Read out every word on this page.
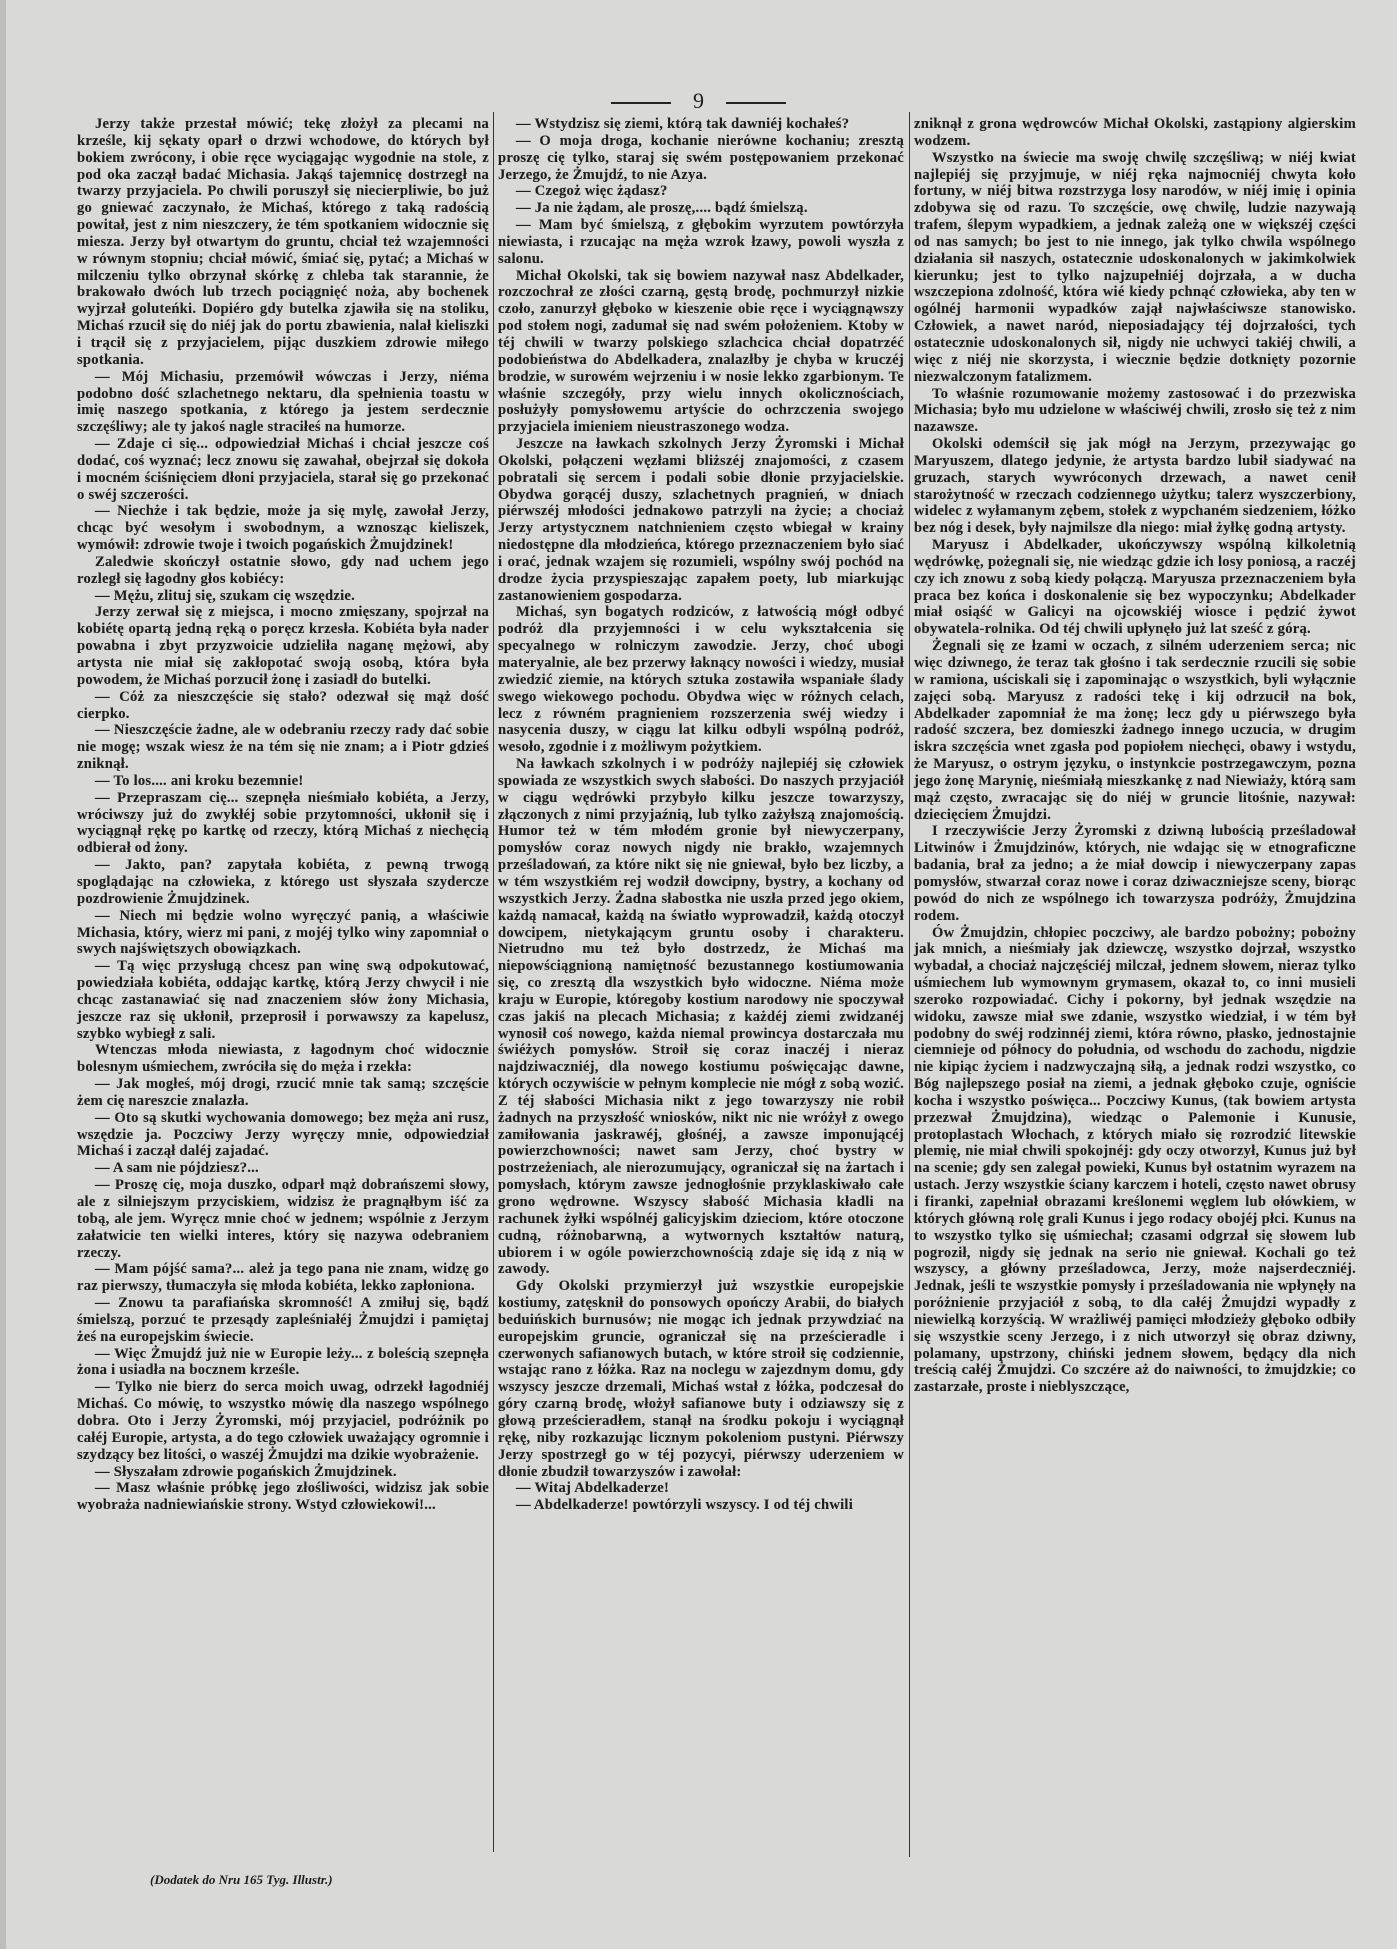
9

Jerzy także przestał mówić; tekę złożył za plecami na krześle, kij sękaty oparł o drzwi wchodowe, do których był bokiem zwrócony, i obie ręce wyciągając wygodnie na stole, z pod oka zaczął badać Michasia. Jakąś tajemnicę dostrzegł na twarzy przyjaciela. Po chwili poruszył się niecierpliwie, bo już go gniewać zaczynało, że Michaś, którego z taką radością powitał, jest z nim nieszczery, że tém spotkaniem widocznie się miesza. Jerzy był otwartym do gruntu, chciał też wzajemności w równym stopniu; chciał mówić, śmiać się, pytać; a Michaś w milczeniu tylko obrzynał skórkę z chleba tak starannie, że brakowało dwóch lub trzech pociągnięć noża, aby bochenek wyjrzał golutеńki. Dopiéro gdy butelka zjawiła się na stoliku, Michaś rzucił się do niéj jak do portu zbawienia, nalał kieliszki i trącił się z przyjacielem, pijąc duszkiem zdrowie miłego spotkania.

— Mój Michasiu, przemówił wówczas i Jerzy, niéma podobno dość szlachetnego nektaru, dla spełnienia toastu w imię naszego spotkania, z którego ja jestem serdecznie szczęśliwy; ale ty jakoś nagle straciłeś na humorze.

— Zdaje ci się... odpowiedział Michaś i chciał jeszcze coś dodać, coś wyznać; lecz znowu się zawahał, obejrzał się dokoła i mocném ściśnięciem dłoni przyjaciela, starał się go przekonać o swéj szczerości.

— Niechże i tak będzie, może ja się mylę, zawołał Jerzy, chcąc być wesołym i swobodnym, a wznosząc kieliszek, wymówił: zdrowie twoje i twoich pogańskich Żmujdzinek!

Zaledwie skończył ostatnie słowo, gdy nad uchem jego rozległ się łagodny głos kobiécy:

— Mężu, zlituj się, szukam cię wszędzie.

Jerzy zerwał się z miejsca, i mocno zmięszany, spojrzał na kobiétę opartą jedną ręką o poręcz krzesła. Kobiéta była nader powabna i zbyt przyzwoicie udzieliła naganę mężowi, aby artysta nie miał się zakłopotać swoją osobą, która była powodem, że Michaś porzucił żonę i zasiadł do butelki.

— Cóż za nieszczęście się stało? odezwał się mąż dość cierpko.

— Nieszczęście żadne, ale w odebraniu rzeczy rady dać sobie nie mogę; wszak wiesz że na tém się nie znam; a i Piotr gdzieś zniknął.

— To los.... ani kroku bezemnie!

— Przepraszam cię... szepnęła nieśmiało kobiéta, a Jerzy, wróciwszy już do zwykłéj sobie przytomności, ukłonił się i wyciągnął rękę po kartkę od rzeczy, którą Michaś z niechęcią odbierał od żony.

— Jakto, pan? zapytała kobiéta, z pewną trwogą spoglądając na człowieka, z którego ust słyszała szydercze pozdrowienie Żmujdzinek.

— Niech mi będzie wolno wyręczyć panią, a właściwie Michasia, który, wierz mi pani, z mojéj tylko winy zapomniał o swych najświętszych obowiązkach.

— Tą więc przysługą chcesz pan winę swą odpokutować, powiedziała kobiéta, oddając kartkę, którą Jerzy chwycił i nie chcąc zastanawiać się nad znaczeniem słów żony Michasia, jeszcze raz się ukłonił, przeprosił i porwawszy za kapelusz, szybko wybiegł z sali.

Wtenczas młoda niewiasta, z łagodnym choć widocznie bolesnym uśmiechem, zwróciła się do męża i rzekła:

— Jak mogłeś, mój drogi, rzucić mnie tak samą; szczęście żem cię nareszcie znalazła.

— Oto są skutki wychowania domowego; bez męża ani rusz, wszędzie ja. Poczciwy Jerzy wyręczy mnie, odpowiedział Michaś i zaczął daléj zajadać.

— A sam nie pójdziesz?...

— Proszę cię, moja duszko, odparł mąż dobrańszemi słowy, ale z silniejszym przyciskiem, widzisz że pragnąłbym iść za tobą, ale jem. Wyręcz mnie choć w jednem; wspólnie z Jerzym załatwicie ten wielki interes, który się nazywa odebraniem rzeczy.

— Mam pójść sama?... ależ ja tego pana nie znam, widzę go raz pierwszy, tłumaczyła się młoda kobiéta, lekko zapłoniona.

— Znowu ta parafiańska skromność! A zmiłuj się, bądź śmielszą, porzuć te przesądy zapleśniałéj Żmujdzi i pamiętaj żeś na europejskim świecie.

— Więc Żmujdź już nie w Europie leży... z boleścią szepnęła żona i usiadła na bocznem krześle.

— Tylko nie bierz do serca moich uwag, odrzekł łagodniéj Michaś. Co mówię, to wszystko mówię dla naszego wspólnego dobra. Oto i Jerzy Żyromski, mój przyjaciel, podróżnik po całéj Europie, artysta, a do tego człowiek uważający ogromnie i szydzący bez litości, o waszéj Żmujdzi ma dzikie wyobrażenie.

— Słyszałam zdrowie pogańskich Żmujdzinek.

— Masz właśnie próbkę jego złośliwości, widzisz jak sobie wyobraża nadniewiańskie strony. Wstyd człowiekowi!...

— Wstydzisz się ziemi, którą tak dawniéj kochałeś?

— O moja droga, kochanie nierówne kochaniu; zresztą proszę cię tylko, staraj się swém postępowaniem przekonać Jerzego, że Żmujdź, to nie Azya.

— Czegoż więc żądasz?

— Ja nie żądam, ale proszę,.... bądź śmielszą.

— Mam być śmielszą, z głębokim wyrzutem powtórzyła niewiasta, i rzucając na męża wzrok łzawy, powoli wyszła z salonu.

Michał Okolski, tak się bowiem nazywał nasz Abdelkader, rozczochrał ze złości czarną, gęstą brodę, pochmurzył nizkie czoło, zanurzył głęboko w kieszenie obie ręce i wyciągnąwszy pod stołem nogi, zadumał się nad swém położeniem. Ktoby w téj chwili w twarzy polskiego szlachcica chciał dopatrzéć podobieństwa do Abdelkadera, znalazłby je chyba w kruczéj brodzie, w surowém wejrzeniu i w nosie lekko zgarbionym. Te właśnie szczegóły, przy wielu innych okolicznościach, posłużyły pomysłowemu artyście do ochrzczenia swojego przyjaciela imieniem nieustraszonego wodza.

Jeszcze na ławkach szkolnych Jerzy Żyromski i Michał Okolski, połączeni węzłami bliższéj znajomości, z czasem pobratali się sercem i podali sobie dłonie przyjacielskie. Obydwa gorącéj duszy, szlachetnych pragnień, w dniach piérwszéj młodości jednakowo patrzyli na życie; a chociaż Jerzy artystycznem natchnieniem często wbiegał w krainy niedostępne dla młodzieńca, którego przeznaczeniem było siać i orać, jednak wzajem się rozumieli, wspólny swój pochód na drodze życia przyspieszając zapałem poety, lub miarkując zastanowieniem gospodarza.

Michaś, syn bogatych rodziców, z łatwością mógł odbyć podróż dla przyjemności i w celu wykształcenia się specyalnego w rolniczym zawodzie. Jerzy, choć ubogi materyalnie, ale bez przerwy łaknący nowości i wiedzy, musiał zwiedzić ziemie, na których sztuka zostawiła wspaniałe ślady swego wiekowego pochodu. Obydwa więc w różnych celach, lecz z równém pragnieniem rozszerzenia swéj wiedzy i nasycenia duszy, w ciągu lat kilku odbyli wspólną podróż, wesoło, zgodnie i z możliwym pożytkiem.

Na ławkach szkolnych i w podróży najlepiéj się człowiek spowiada ze wszystkich swych słabości. Do naszych przyjaciół w ciągu wędrówki przybyło kilku jeszcze towarzyszy, złączonych z nimi przyjaźnią, lub tylko zażyłszą znajomością. Humor też w tém młodém gronie był niewyczerpany, pomysłów coraz nowych nigdy nie brakło, wzajemnych prześladowań, za które nikt się nie gniewał, było bez liczby, a w tém wszystkiém rej wodził dowcipny, bystry, a kochany od wszystkich Jerzy. Żadna słabostka nie uszła przed jego okiem, każdą namacał, każdą na światło wyprowadził, każdą otoczył dowcipem, nietykającym gruntu osoby i charakteru. Nietrudno mu też było dostrzedz, że Michaś ma niepowściągnioną namiętność bezustannego kostiumowania się, co zresztą dla wszystkich było widoczne. Niéma może kraju w Europie, któregoby kostium narodowy nie spoczywał czas jakiś na plecach Michasia; z każdéj ziemi zwidzanéj wynosił coś nowego, każda niemal prowincya dostarczała mu świéżych pomysłów. Stroił się coraz inaczéj i nieraz najdziwaczniéj, dla nowego kostiumu poświęcając dawne, których oczywiście w pełnym komplecie nie mógł z sobą wozić. Z téj słabości Michasia nikt z jego towarzyszy nie robił żadnych na przyszłość wniosków, nikt nic nie wróżył z owego zamiłowania jaskrawéj, głośnéj, a zawsze imponującéj powierzchowności; nawet sam Jerzy, choć bystry w postrzeżeniach, ale nierozumujący, ograniczał się na żartach i pomysłach, którym zawsze jednogłośnie przyklaskiwało całe grono wędrowne. Wszyscy słabość Michasia kładli na rachunek żyłki wspólnéj galicyjskim dzieciom, które otoczone cudną, różnobarwną, a wytwornych kształtów naturą, ubiorem i w ogóle powierzchownością zdaje się idą z nią w zawody.

Gdy Okolski przymierzył już wszystkie europejskie kostiumy, zatęsknił do ponsowych opończy Arabii, do białych beduińskich burnusów; nie mogąc ich jednak przywdziać na europejskim gruncie, ograniczał się na prześcieradle i czerwonych safianowych butach, w które stroił się codziennie, wstając rano z łóżka. Raz na noclegu w zajezdnym domu, gdy wszyscy jeszcze drzemali, Michaś wstał z łóżka, podczesał do góry czarną brodę, włożył safianowe buty i odziawszy się z głową prześcieradłem, stanął na środku pokoju i wyciągnął rękę, niby rozkazując licznym pokoleniom pustyni. Piérwszy Jerzy spostrzegł go w téj pozycyi, piérwszy uderzeniem w dłonie zbudził towarzyszów i zawołał:

— Witaj Abdelkaderze!

— Abdelkaderze! powtórzyli wszyscy. I od téj chwili

zniknął z grona wędrowców Michał Okolski, zastąpiony algierskim wodzem.

Wszystko na świecie ma swoję chwilę szczęśliwą; w niéj kwiat najlepiéj się przyjmuje, w niéj ręka najmocniéj chwyta koło fortuny, w niéj bitwa rozstrzyga losy narodów, w niéj imię i opinia zdobywa się od razu. To szczęście, owę chwilę, ludzie nazywają trafem, ślepym wypadkiem, a jednak zależą one w większéj części od nas samych; bo jest to nie innego, jak tylko chwila wspólnego działania sił naszych, ostatecznie udoskonalonych w jakimkolwiek kierunku; jest to tylko najzupełniéj dojrzała, a w ducha wszczepiona zdolność, która wié kiedy pchnąć człowieka, aby ten w ogólnéj harmonii wypadków zajął najwłaściwsze stanowisko. Człowiek, a nawet naród, nieposiadający téj dojrzałości, tych ostatecznie udoskonalonych sił, nigdy nie uchwyci takiéj chwili, a więc z niéj nie skorzysta, i wiecznie będzie dotknięty pozornie niezwalczonym fatalizmem.

To właśnie rozumowanie możemy zastosować i do przezwiska Michasia; było mu udzielone w właściwéj chwili, zrosło się też z nim nazawsze.

Okolski odemścił się jak mógł na Jerzym, przezywając go Maryuszem, dlatego jedynie, że artysta bardzo lubił siadywać na gruzach, starych wywróconych drzewach, a nawet cenił starożytność w rzeczach codziennego użytku; talerz wyszczerbiony, widelec z wyłamanym zębem, stołek z wypchaném siedzeniem, łóżko bez nóg i desek, były najmilsze dla niego: miał żyłkę godną artysty.

Maryusz i Abdelkader, ukończywszy wspólną kilkoletnią wędrówkę, pożegnali się, nie wiedząc gdzie ich losy poniosą, a raczéj czy ich znowu z sobą kiedy połączą. Maryusza przeznaczeniem była praca bez końca i doskonalenie się bez wypoczynku; Abdelkader miał osiąść w Galicyi na ojcowskiéj wiosce i pędzić żywot obywatela-rolnika. Od téj chwili upłynęło już lat sześć z górą.

Żegnali się ze łzami w oczach, z silném uderzeniem serca; nic więc dziwnego, że teraz tak głośno i tak serdecznie rzucili się sobie w ramiona, uściskali się i zapominając o wszystkich, byli wyłącznie zajęci sobą. Maryusz z radości tekę i kij odrzucił na bok, Abdelkader zapomniał że ma żonę; lecz gdy u piérwszego była radość szczera, bez domieszki żadnego innego uczucia, w drugim iskra szczęścia wnet zgasła pod popiołem niechęci, obawy i wstydu, że Maryusz, o ostrym języku, o instynkcie postrzegawczym, pozna jego żonę Marynię, nieśmiałą mieszkankę z nad Niewiaży, którą sam mąż często, zwracając się do niéj w gruncie litośnie, nazywał: dziecięciem Żmujdzi.

I rzeczywiście Jerzy Żyromski z dziwną lubością prześladował Litwinów i Żmujdzinów, których, nie wdając się w etnograficzne badania, brał za jedno; a że miał dowcip i niewyczerpany zapas pomysłów, stwarzał coraz nowe i coraz dziwaczniejsze sceny, biorąc powód do nich ze wspólnego ich towarzysza podróży, Żmujdzina rodem.

Ów Żmujdzin, chłopiec poczciwy, ale bardzo pobożny; pobożny jak mnich, a nieśmiały jak dziewczę, wszystko dojrzał, wszystko wybadał, a chociaż najczęściéj milczał, jednem słowem, nieraz tylko uśmiechem lub wymownym grymasem, okazał to, co inni musieli szeroko rozpowiadać. Cichy i pokorny, był jednak wszędzie na widoku, zawsze miał swe zdanie, wszystko wiedział, i w tém był podobny do swéj rodzinnéj ziemi, która równo, płasko, jednostajnie ciemnieje od północy do południa, od wschodu do zachodu, nigdzie nie kipiąc życiem i nadzwyczajną siłą, a jednak rodzi wszystko, co Bóg najlepszego posiał na ziemi, a jednak głęboko czuje, ogniście kocha i wszystko poświęca... Poczciwy Kunus, (tak bowiem artysta przezwał Żmujdzina), wiedząc o Palemonie i Kunusie, protoplastach Włochach, z których miało się rozrodzić litewskie plemię, nie miał chwili spokojnéj: gdy oczy otworzył, Kunus już był na scenie; gdy sen zalegał powieki, Kunus był ostatnim wyrazem na ustach. Jerzy wszystkie ściany karczem i hoteli, często nawet obrusy i firanki, zapełniał obrazami kreślonemi węglem lub ołówkiem, w których główną rolę grali Kunus i jego rodacy obojéj płci. Kunus na to wszystko tylko się uśmiechał; czasami odgrzał się słowem lub pogroził, nigdy się jednak na serio nie gniewał. Kochali go też wszyscy, a główny prześladowca, Jerzy, może najserdeczniéj. Jednak, jeśli te wszystkie pomysły i prześladowania nie wpłynęły na poróżnienie przyjaciół z sobą, to dla całéj Żmujdzi wypadły z niewielką korzyścią. W wrażliwéj pamięci młodzieży głęboko odbiły się wszystkie sceny Jerzego, i z nich utworzył się obraz dziwny, polamany, upstrzony, chiński jednem słowem, będący dla nich treścią całéj Żmujdzi. Co szczére aż do naiwności, to żmujdzkie; co zastarzałe, proste i nieblyszczące,

(Dodatek do Nru 165 Tyg. Illustr.)
